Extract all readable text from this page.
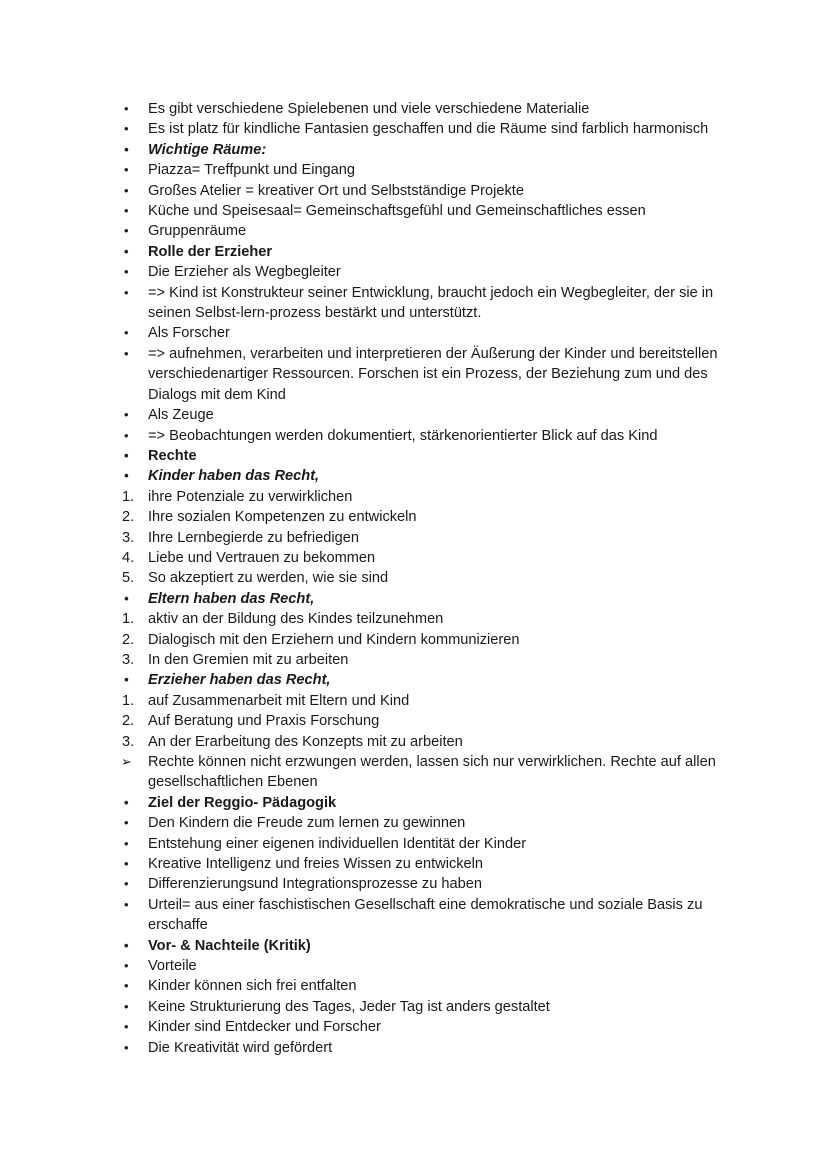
•	Es gibt verschiedene Spielebenen und viele verschiedene Materialie
•	Es ist platz für kindliche Fantasien geschaffen und die Räume sind farblich harmonisch
•	Wichtige Räume:
•	Piazza= Treffpunkt und Eingang
•	Großes Atelier = kreativer Ort und Selbstständige Projekte
•	Küche und Speisesaal= Gemeinschaftsgefühl und Gemeinschaftliches essen
•	Gruppenräume
•	Rolle der Erzieher
•	Die Erzieher als Wegbegleiter
•	=> Kind ist Konstrukteur seiner Entwicklung, braucht jedoch ein Wegbegleiter, der sie in seinen Selbst-lern-prozess bestärkt und unterstützt.
•	Als Forscher
•	=> aufnehmen, verarbeiten und interpretieren der Äußerung der Kinder und bereitstellen verschiedenartiger Ressourcen. Forschen ist ein Prozess, der Beziehung zum und des Dialogs mit dem Kind
•	Als Zeuge
•	=> Beobachtungen werden dokumentiert, stärkenorientierter Blick auf das Kind
•	Rechte
•	Kinder haben das Recht,
1. ihre Potenziale zu verwirklichen
2. Ihre sozialen Kompetenzen zu entwickeln
3. Ihre Lernbegierde zu befriedigen
4. Liebe und Vertrauen zu bekommen
5. So akzeptiert zu werden, wie sie sind
•	Eltern haben das Recht,
1. aktiv an der Bildung des Kindes teilzunehmen
2. Dialogisch mit den Erziehern und Kindern kommunizieren
3. In den Gremien mit zu arbeiten
•	Erzieher haben das Recht,
1. auf Zusammenarbeit mit Eltern und Kind
2. Auf Beratung und Praxis Forschung
3. An der Erarbeitung des Konzepts mit zu arbeiten
➢	Rechte können nicht erzwungen werden, lassen sich nur verwirklichen. Rechte auf allen gesellschaftlichen Ebenen
•	Ziel der Reggio- Pädagogik
•	Den Kindern die Freude zum lernen zu gewinnen
•	Entstehung einer eigenen individuellen Identität der Kinder
•	Kreative Intelligenz und freies Wissen zu entwickeln
•	Differenzierungsund Integrationsprozesse zu haben
•	Urteil= aus einer faschistischen Gesellschaft eine demokratische und soziale Basis zu erschaffe
•	Vor- & Nachteile (Kritik)
•	Vorteile
•	Kinder können sich frei entfalten
•	Keine Strukturierung des Tages, Jeder Tag ist anders gestaltet
•	Kinder sind Entdecker und Forscher
•	Die Kreativität wird gefördert
